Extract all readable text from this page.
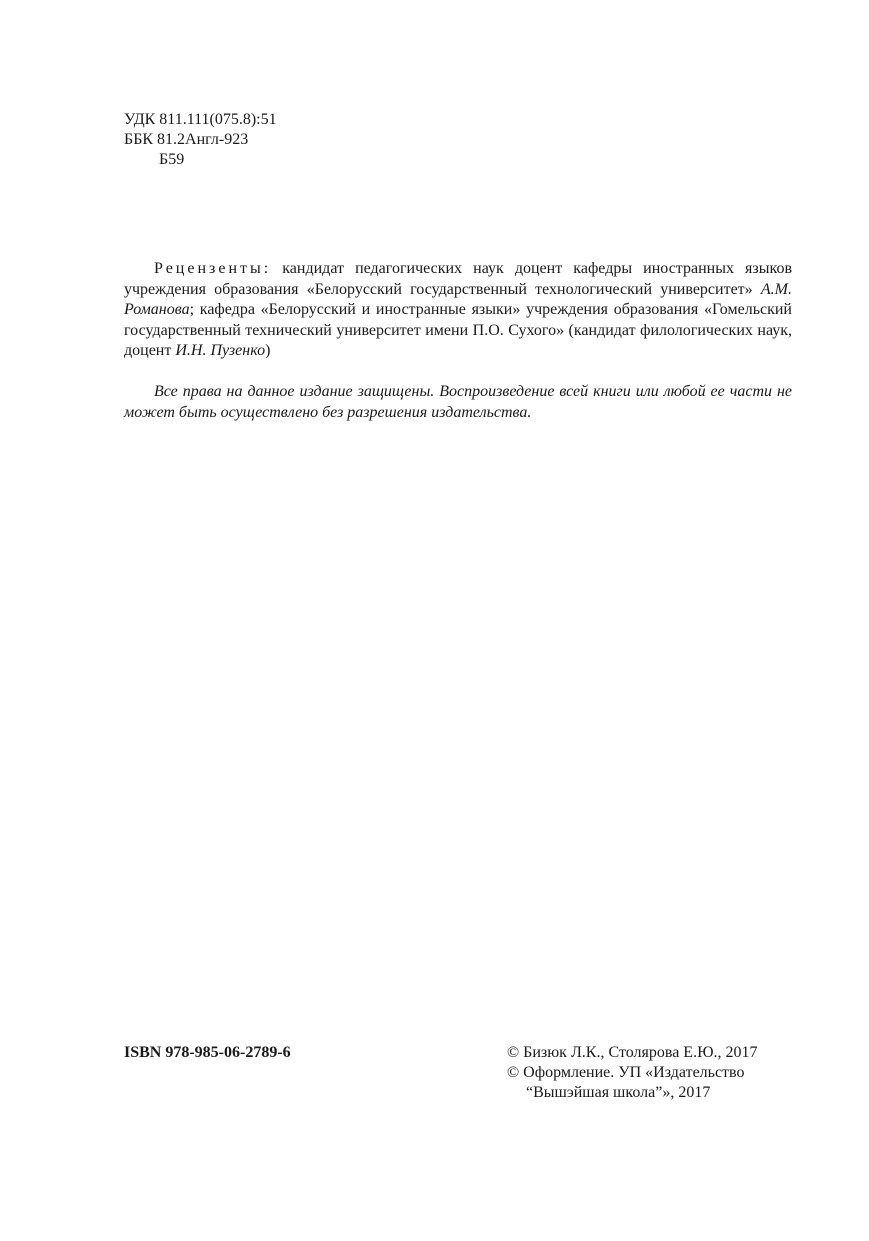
УДК 811.111(075.8):51
ББК 81.2Англ-923
Б59

Рецензенты: кандидат педагогических наук доцент кафедры иностранных языков учреждения образования «Белорусский государственный технологический университет» А.М. Романова; кафедра «Белорусский и иностранные языки» учреждения образования «Гомельский государственный технический университет имени П.О. Сухого» (кандидат филологических наук, доцент И.Н. Пузенко)

Все права на данное издание защищены. Воспроизведение всей книги или любой ее части не может быть осуществлено без разрешения издательства.

ISBN 978-985-06-2789-6	© Бизюк Л.К., Столярова Е.Ю., 2017
© Оформление. УП «Издательство
“Вышэйшая школа”», 2017
